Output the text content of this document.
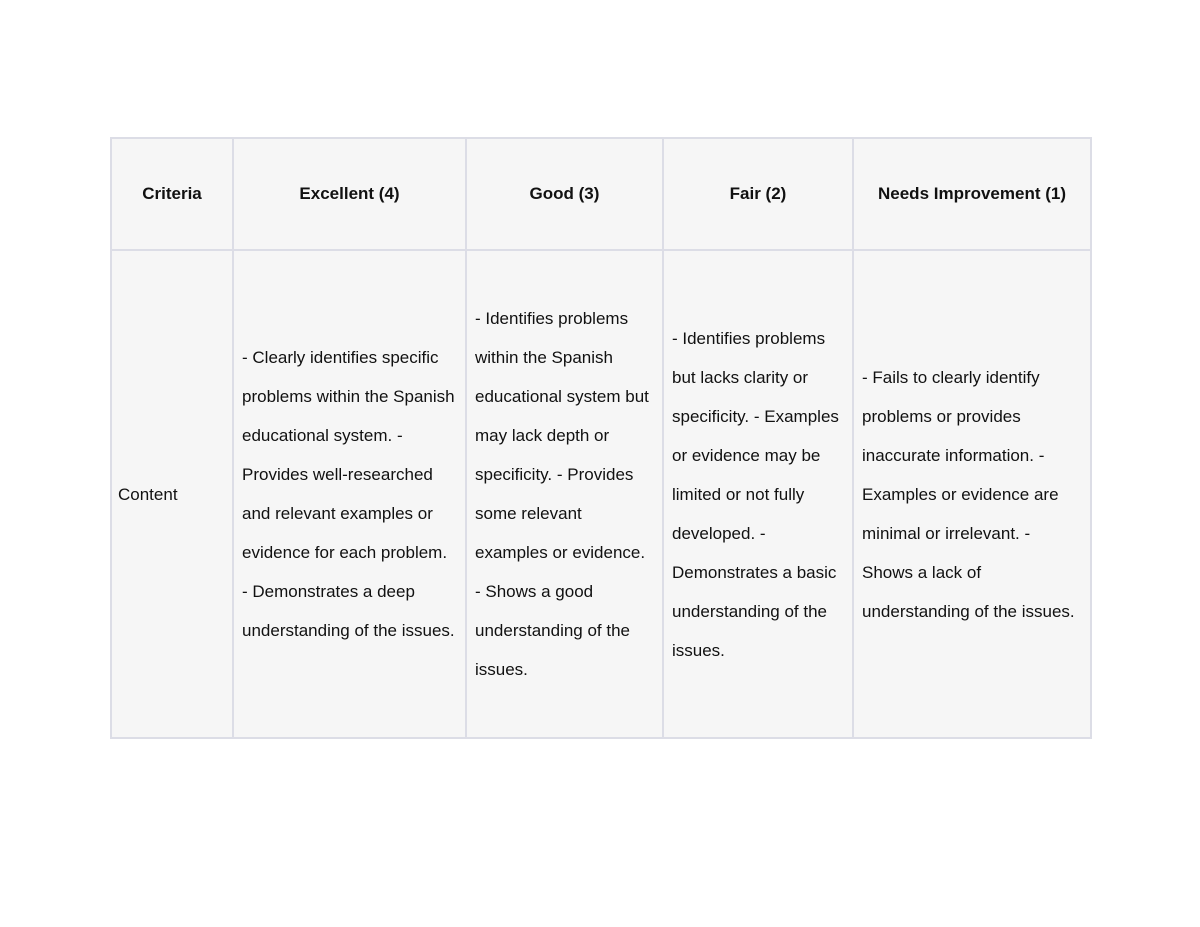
Criteria	Excellent (4)	Good (3)	Fair (2)	Needs Improvement (1)
Content	- Clearly identifies specific problems within the Spanish educational system. - Provides well-researched and relevant examples or evidence for each problem. - Demonstrates a deep understanding of the issues.	- Identifies problems within the Spanish educational system but may lack depth or specificity. - Provides some relevant examples or evidence. - Shows a good understanding of the issues.	- Identifies problems but lacks clarity or specificity. - Examples or evidence may be limited or not fully developed. - Demonstrates a basic understanding of the issues.	- Fails to clearly identify problems or provides inaccurate information. - Examples or evidence are minimal or irrelevant. - Shows a lack of understanding of the issues.
